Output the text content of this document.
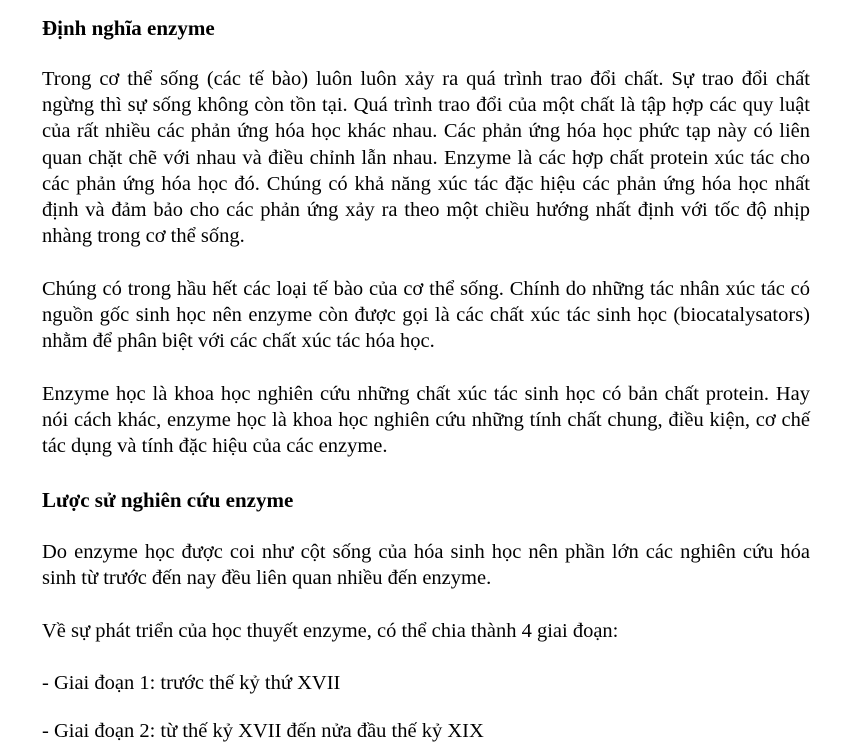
Định nghĩa enzyme

Trong cơ thể sống (các tế bào) luôn luôn xảy ra quá trình trao đổi chất. Sự trao đổi chất ngừng thì sự sống không còn tồn tại. Quá trình trao đổi của một chất là tập hợp các quy luật của rất nhiều các phản ứng hóa học khác nhau. Các phản ứng hóa học phức tạp này có liên quan chặt chẽ với nhau và điều chỉnh lẫn nhau. Enzyme là các hợp chất protein xúc tác cho các phản ứng hóa học đó. Chúng có khả năng xúc tác đặc hiệu các phản ứng hóa học nhất định và đảm bảo cho các phản ứng xảy ra theo một chiều hướng nhất định với tốc độ nhịp nhàng trong cơ thể sống.

Chúng có trong hầu hết các loại tế bào của cơ thể sống. Chính do những tác nhân xúc tác có nguồn gốc sinh học nên enzyme còn được gọi là các chất xúc tác sinh học (biocatalysators) nhằm để phân biệt với các chất xúc tác hóa học.

Enzyme học là khoa học nghiên cứu những chất xúc tác sinh học có bản chất protein. Hay nói cách khác, enzyme học là khoa học nghiên cứu những tính chất chung, điều kiện, cơ chế tác dụng và tính đặc hiệu của các enzyme.

Lược sử nghiên cứu enzyme

Do enzyme học được coi như cột sống của hóa sinh học nên phần lớn các nghiên cứu hóa sinh từ trước đến nay đều liên quan nhiều đến enzyme.

Về sự phát triển của học thuyết enzyme, có thể chia thành 4 giai đoạn:

- Giai đoạn 1: trước thế kỷ thứ XVII

- Giai đoạn 2: từ thế kỷ XVII đến nửa đầu thế kỷ XIX
